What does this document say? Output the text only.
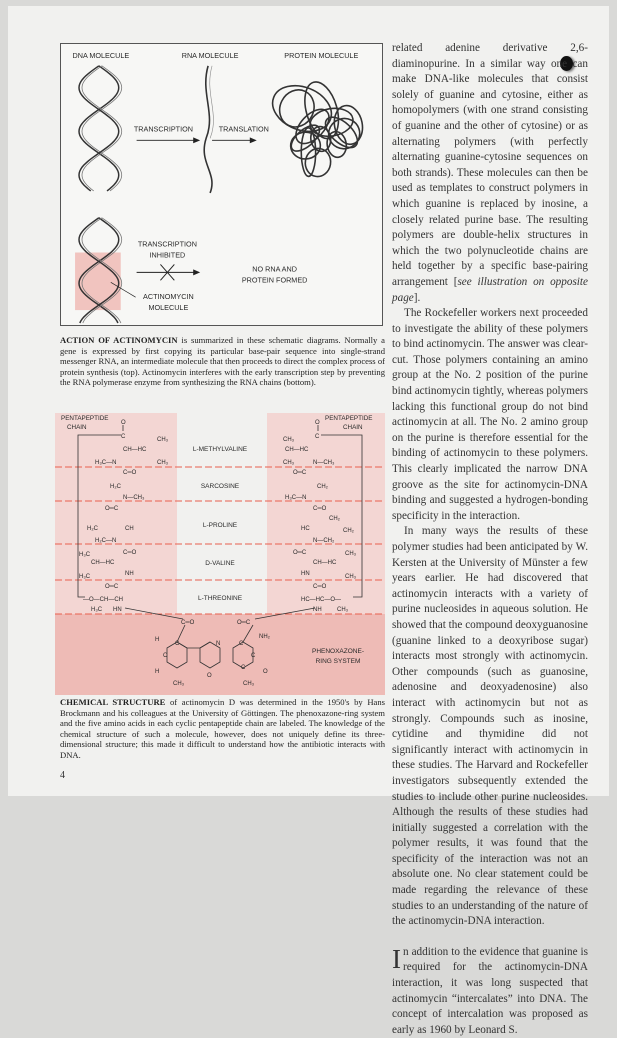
DNA MOLECULE	RNA MOLECULE	PROTEIN MOLECULE
TRANSCRIPTION	TRANSLATION
TRANSCRIPTION
INHIBITED
NO RNA AND
PROTEIN FORMED
ACTINOMYCIN
MOLECULE
ACTION OF ACTINOMYCIN is summarized in these schematic diagrams. Normally a gene is expressed by first copying its particular base-pair sequence into single-strand messenger RNA, an intermediate molecule that then proceeds to direct the complex process of protein synthesis (top). Actinomycin interferes with the early transcription step by preventing the RNA polymerase enzyme from synthesizing the RNA chains (bottom).
PENTAPEPTIDE
CHAIN
PENTAPEPTIDE
CHAIN
L-METHYLVALINE
SARCOSINE
L-PROLINE
D-VALINE
L-THREONINE
O
C
CH—HC
CH₃
CH₃
H₃C—N
C═O
H₂C
N—CH₃
O═C
H₂C	CH
H₂C—N
C═O
H₃C
CH—HC
H₃C	NH
O═C
—O—CH—CH
H₃C HN
O
C
CH₃
CH—HC
CH₃	N—CH₃
O═C
CH₂
H₃C—N
C═O
CH₂
HC	CH₂
N—CH₂
O═C
CH—HC
CH₃
CH₃
HN
C═O
HC—HC—O—
NH	CH₃
C═O	O═C
NH₂
H
H
C	N	C
C	C
O
C
CH₃	CH₃
O
PHENOXAZONE-
RING SYSTEM
CHEMICAL STRUCTURE of actinomycin D was determined in the 1950's by Hans Brockmann and his colleagues at the University of Göttingen. The phenoxazone-ring system and the five amino acids in each cyclic pentapeptide chain are labeled. The knowledge of the chemical structure of such a molecule, however, does not uniquely define its three-dimensional structure; this made it difficult to understand how the antibiotic interacts with DNA.
4

related adenine derivative 2,6-diaminopurine. In a similar way one can make DNA-like molecules that consist solely of guanine and cytosine, either as homopolymers (with one strand consisting of guanine and the other of cytosine) or as alternating polymers (with perfectly alternating guanine-cytosine sequences on both strands). These molecules can then be used as templates to construct polymers in which guanine is replaced by inosine, a closely related purine base. The resulting polymers are double-helix structures in which the two polynucleotide chains are held together by a specific base-pairing arrangement [see illustration on opposite page].

The Rockefeller workers next proceeded to investigate the ability of these polymers to bind actinomycin. The answer was clear-cut. Those polymers containing an amino group at the No. 2 position of the purine bind actinomycin tightly, whereas polymers lacking this functional group do not bind actinomycin at all. The No. 2 amino group on the purine is therefore essential for the binding of actinomycin to these polymers. This clearly implicated the narrow DNA groove as the site for actinomycin-DNA binding and suggested a hydrogen-bonding specificity in the interaction.

In many ways the results of these polymer studies had been anticipated by W. Kersten at the University of Münster a few years earlier. He had discovered that actinomycin interacts with a variety of purine nucleosides in aqueous solution. He showed that the compound deoxyguanosine (guanine linked to a deoxyribose sugar) interacts most strongly with actinomycin. Other compounds (such as guanosine, adenosine and deoxyadenosine) also interact with actinomycin but not as strongly. Compounds such as inosine, cytidine and thymidine did not significantly interact with actinomycin in these studies. The Harvard and Rockefeller investigators subsequently extended the studies to include other purine nucleosides. Although the results of these studies had initially suggested a correlation with the polymer results, it was found that the specificity of the interaction was not an absolute one. No clear statement could be made regarding the relevance of these studies to an understanding of the nature of the actinomycin-DNA interaction.

In addition to the evidence that guanine is required for the actinomycin-DNA interaction, it was long suspected that actinomycin “intercalates” into DNA. The concept of intercalation was proposed as early as 1960 by Leonard S.
